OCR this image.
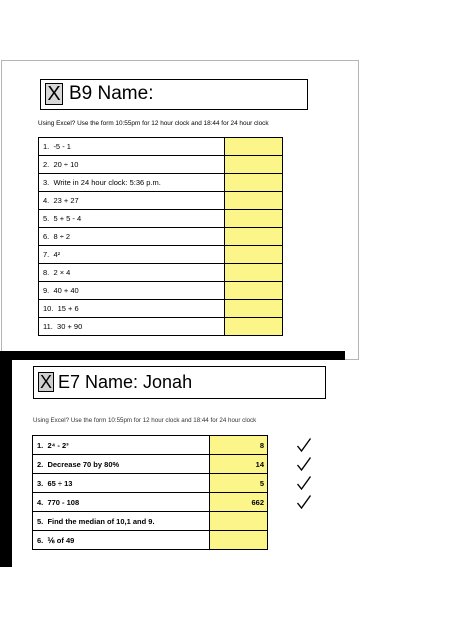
X B9 Name:
Using Excel? Use the form 10:55pm for 12 hour clock and 18:44 for 24 hour clock
1. -5 - 1	
2. 20 ÷ 10	
3. Write in 24 hour clock: 5:36 p.m.	
4. 23 + 27	
5. 5 + 5 - 4	
6. 8 ÷ 2	
7. 4²	
8. 2 × 4	
9. 40 + 40	
10. 15 + 6	
11. 30 + 90	
X E7 Name: Jonah
Using Excel? Use the form 10:55pm for 12 hour clock and 18:44 for 24 hour clock
1. 2⁴ - 2³	8
2. Decrease 70 by 80%	14
3. 65 ÷ 13	5
4. 770 - 108	662
5. Find the median of 10,1 and 9.	
6. ⅙ of 49	
